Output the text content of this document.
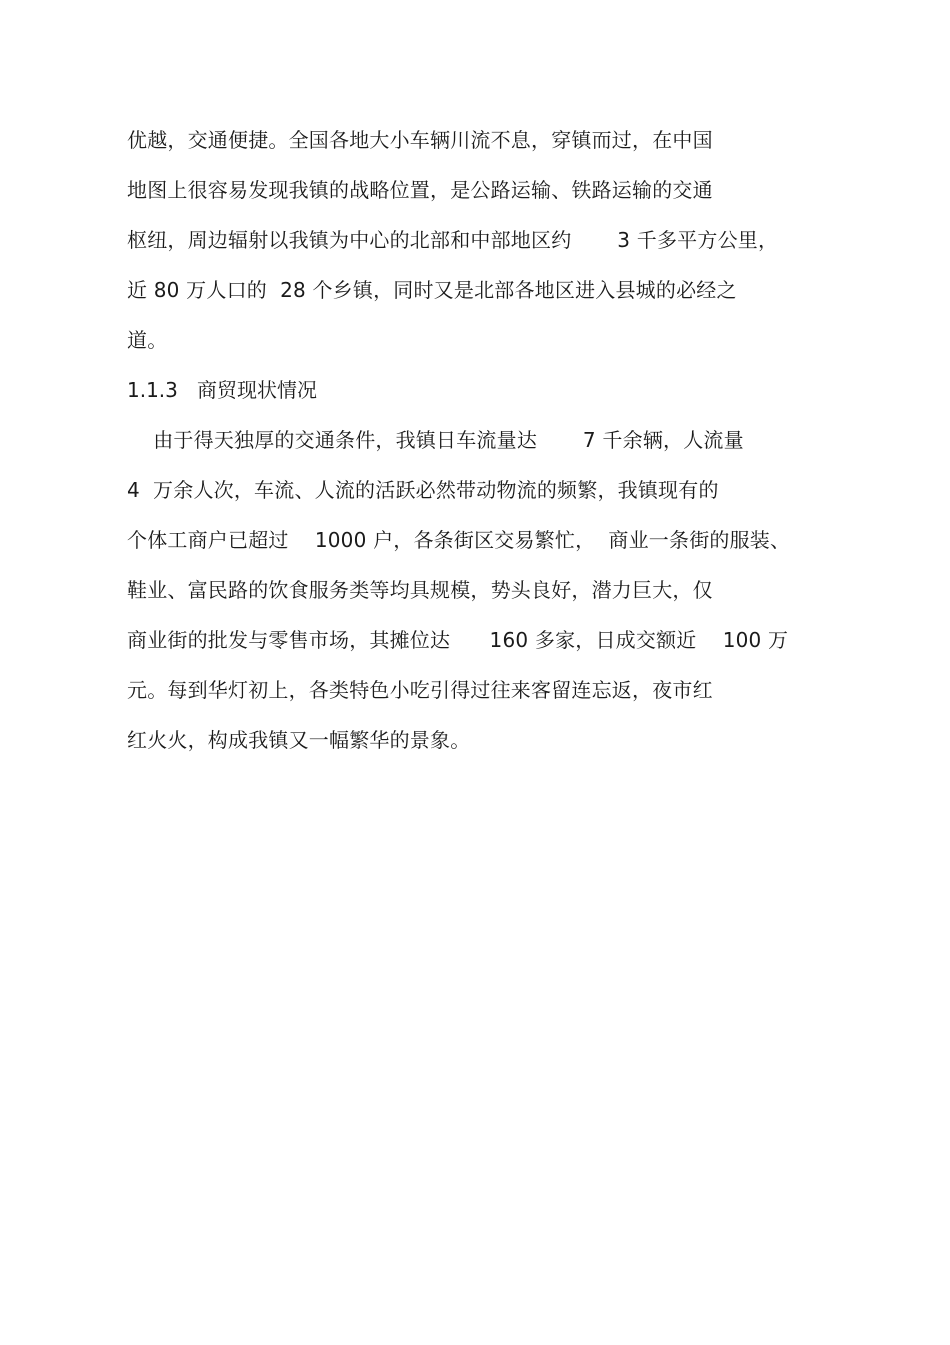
优越，交通便捷。全国各地大小车辆川流不息，穿镇而过，在中国
地图上很容易发现我镇的战略位置，是公路运输、铁路运输的交通
枢纽，周边辐射以我镇为中心的北部和中部地区约       3 千多平方公里，
近 80 万人口的  28 个乡镇，同时又是北部各地区进入县城的必经之
道。
1.1.3   商贸现状情况
由于得天独厚的交通条件，我镇日车流量达       7 千余辆，人流量
4  万余人次，车流、人流的活跃必然带动物流的频繁，我镇现有的
个体工商户已超过    1000 户，各条街区交易繁忙，  商业一条街的服装、
鞋业、富民路的饮食服务类等均具规模，势头良好，潜力巨大，仅
商业街的批发与零售市场，其摊位达      160 多家，日成交额近    100 万
元。每到华灯初上，各类特色小吃引得过往来客留连忘返，夜市红
红火火，构成我镇又一幅繁华的景象。
